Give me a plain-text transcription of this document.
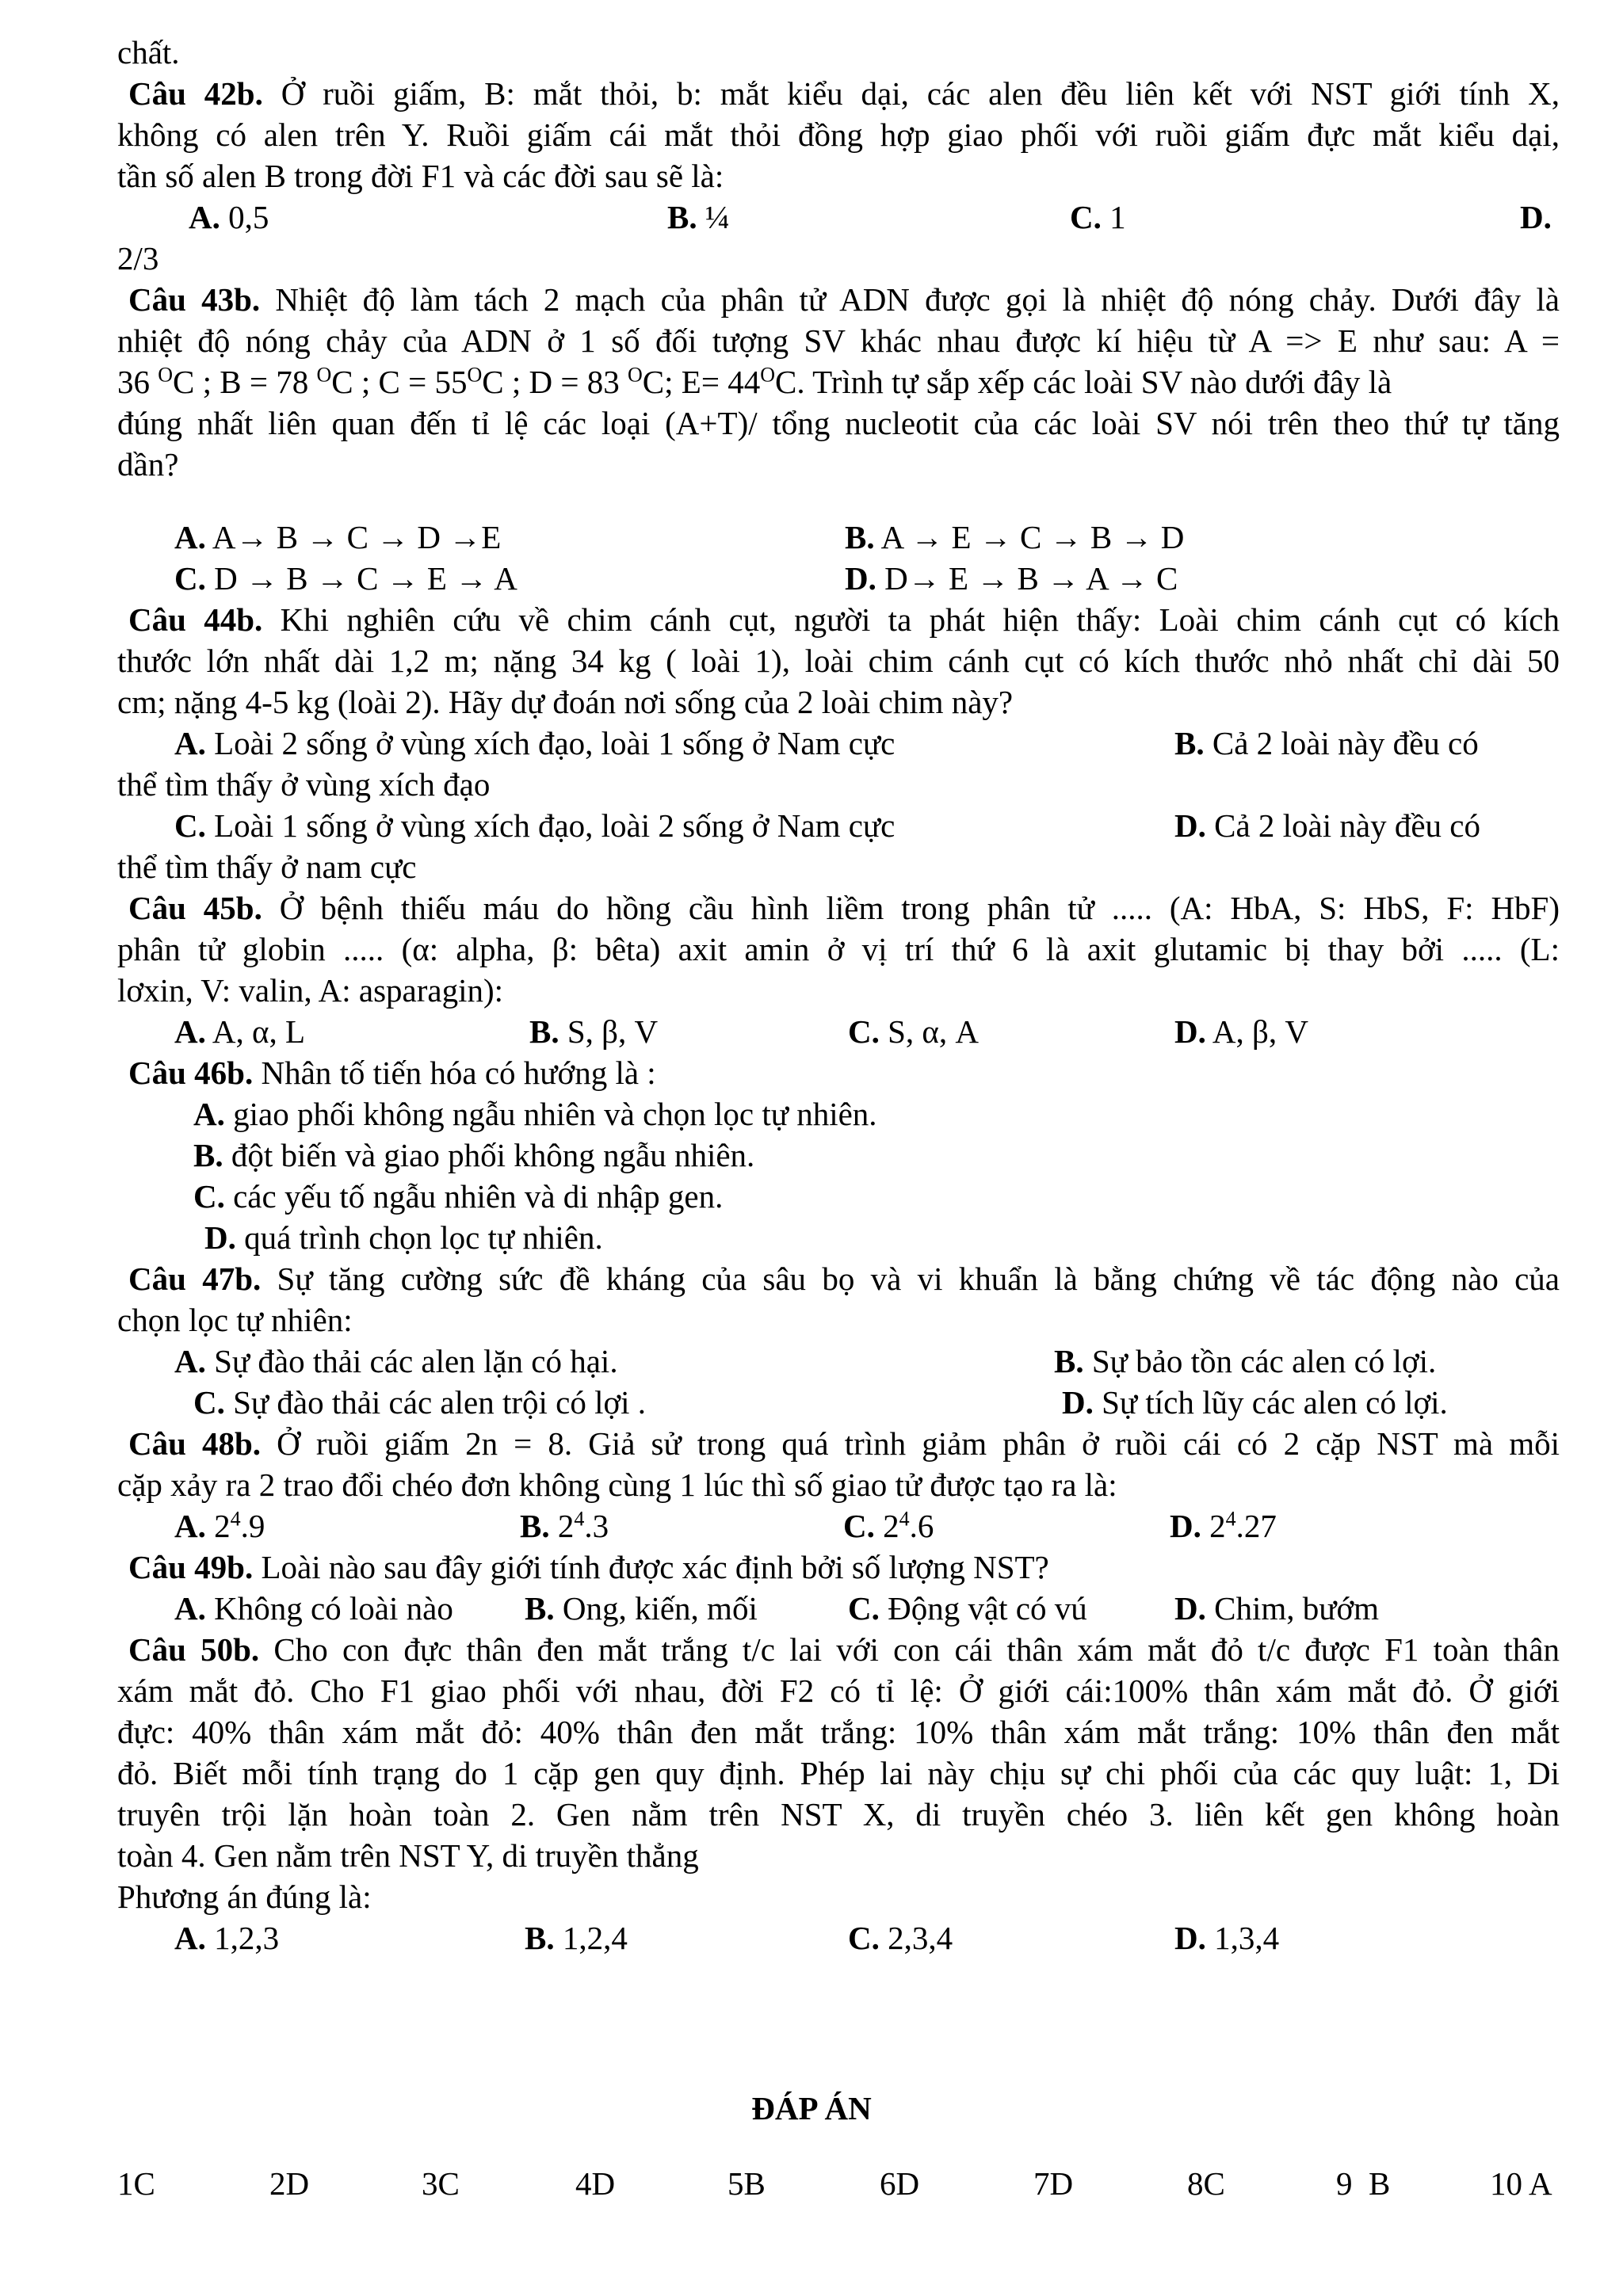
chất.
Câu 42b. Ở ruồi giấm, B: mắt thỏi, b: mắt kiểu dại, các alen đều liên kết với NST giới tính X,
không có alen trên Y. Ruồi giấm cái mắt thỏi đồng hợp giao phối với ruồi giấm đực mắt kiểu dại,
tần số alen B trong đời F1 và các đời sau sẽ là:
A. 0,5	B. ¼	C. 1	D.
2/3
Câu 43b. Nhiệt độ làm tách 2 mạch của phân tử ADN được gọi là nhiệt độ nóng chảy. Dưới đây là
nhiệt độ nóng chảy của ADN ở 1 số đối tượng SV khác nhau được kí hiệu từ A => E như sau: A =
36 $^O$C ; B = 78 $^O$C ; $C = 55^OC$ ; D = 83 $^O$C; $E= 44^OC$. Trình tự sắp xếp các loài SV nào dưới đây là
đúng nhất liên quan đến tỉ lệ các loại (A+T)/ tổng nucleotit của các loài SV nói trên theo thứ tự tăng
dần?
A. A→ B → C → D →E	B. A → E → C → B → D
C. D → B → C → E → A	D. D→ E → B → A → C
Câu 44b. Khi nghiên cứu về chim cánh cụt, người ta phát hiện thấy: Loài chim cánh cụt có kích
thước lớn nhất dài 1,2 m; nặng 34 kg ( loài 1), loài chim cánh cụt có kích thước nhỏ nhất chỉ dài 50
cm; nặng 4-5 kg (loài 2). Hãy dự đoán nơi sống của 2 loài chim này?
A. Loài 2 sống ở vùng xích đạo, loài 1 sống ở Nam cực	B. Cả 2 loài này đều có
thể tìm thấy ở vùng xích đạo
C. Loài 1 sống ở vùng xích đạo, loài 2 sống ở Nam cực	D. Cả 2 loài này đều có
thể tìm thấy ở nam cực
Câu 45b. Ở bệnh thiếu máu do hồng cầu hình liềm trong phân tử ..... (A: HbA, S: HbS, F: HbF)
phân tử globin ..... (α: alpha, β: bêta) axit amin ở vị trí thứ 6 là axit glutamic bị thay bởi ..... (L:
lơxin, V: valin, A: asparagin):
A. A, α, L	B. S, β, V	C. S, α, A	D. A, β, V
Câu 46b. Nhân tố tiến hóa có hướng là :
A. giao phối không ngẫu nhiên và chọn lọc tự nhiên.
B. đột biến và giao phối không ngẫu nhiên.
C. các yếu tố ngẫu nhiên và di nhập gen.
D. quá trình chọn lọc tự nhiên.
Câu 47b. Sự tăng cường sức đề kháng của sâu bọ và vi khuẩn là bằng chứng về tác động nào của
chọn lọc tự nhiên:
A. Sự đào thải các alen lặn có hại.	B. Sự bảo tồn các alen có lợi.
C. Sự đào thải các alen trội có lợi .	D. Sự tích lũy các alen có lợi.
Câu 48b. Ở ruồi giấm 2n = 8. Giả sử trong quá trình giảm phân ở ruồi cái có 2 cặp NST mà mỗi
cặp xảy ra 2 trao đổi chéo đơn không cùng 1 lúc thì số giao tử được tạo ra là:
A. $2^4.9$	B. $2^4.3$	C. $2^4.6$	D. $2^4.27$
Câu 49b. Loài nào sau đây giới tính được xác định bởi số lượng NST?
A. Không có loài nào B. Ong, kiến, mối	C. Động vật có vú	D. Chim, bướm
Câu 50b. Cho con đực thân đen mắt trắng t/c lai với con cái thân xám mắt đỏ t/c được F1 toàn thân
xám mắt đỏ. Cho F1 giao phối với nhau, đời F2 có tỉ lệ: Ở giới cái:100% thân xám mắt đỏ. Ở giới
đực: 40% thân xám mắt đỏ: 40% thân đen mắt trắng: 10% thân xám mắt trắng: 10% thân đen mắt
đỏ. Biết mỗi tính trạng do 1 cặp gen quy định. Phép lai này chịu sự chi phối của các quy luật: 1, Di
truyên trội lặn hoàn toàn 2. Gen nằm trên NST X, di truyền chéo 3. liên kết gen không hoàn
toàn 4. Gen nằm trên NST Y, di truyền thẳng
Phương án đúng là:
A. 1,2,3	B. 1,2,4	C. 2,3,4	D. 1,3,4
ĐÁP ÁN
1C	2D	3C	4D	5B	6D	7D	8C	9  B	10 A
